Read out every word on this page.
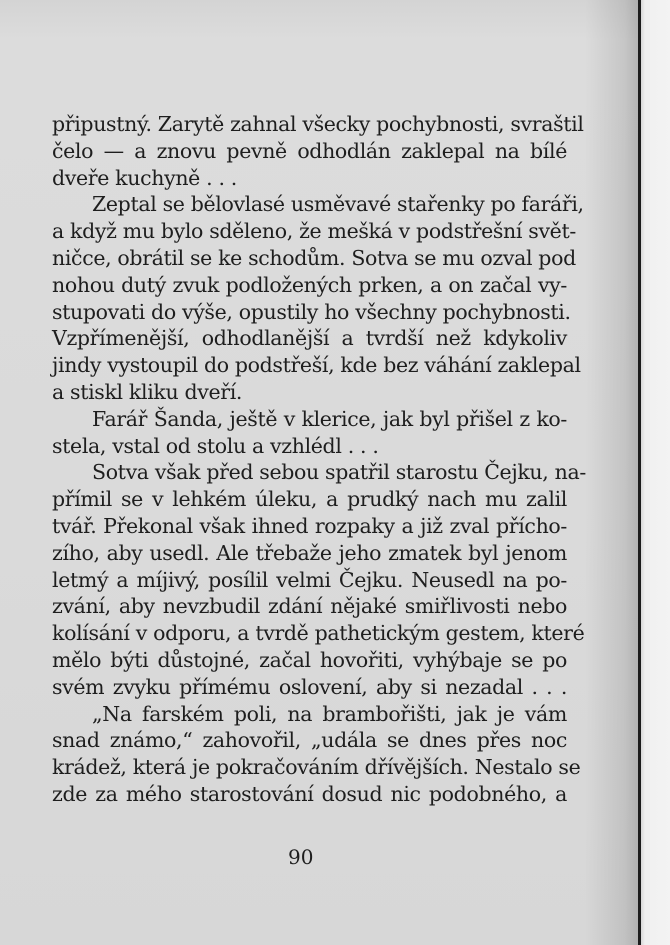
připustný. Zarytě zahnal všecky pochybnosti, svraštil
čelo — a znovu pevně odhodlán zaklepal na bílé
dveře kuchyně . . .
Zeptal se bělovlasé usměvavé stařenky po faráři,
a když mu bylo sděleno, že mešká v podstřešní svět-
ničce, obrátil se ke schodům. Sotva se mu ozval pod
nohou dutý zvuk podložených prken, a on začal vy-
stupovati do výše, opustily ho všechny pochybnosti.
Vzpřímenější, odhodlanější a tvrdší než kdykoliv
jindy vystoupil do podstřeší, kde bez váhání zaklepal
a stiskl kliku dveří.
Farář Šanda, ještě v klerice, jak byl přišel z ko-
stela, vstal od stolu a vzhlédl . . .
Sotva však před sebou spatřil starostu Čejku, na-
přímil se v lehkém úleku, a prudký nach mu zalil
tvář. Překonal však ihned rozpaky a již zval přícho-
zího, aby usedl. Ale třebaže jeho zmatek byl jenom
letmý a míjivý, posílil velmi Čejku. Neusedl na po-
zvání, aby nevzbudil zdání nějaké smiřlivosti nebo
kolísání v odporu, a tvrdě pathetickým gestem, které
mělo býti důstojné, začal hovořiti, vyhýbaje se po
svém zvyku přímému oslovení, aby si nezadal . . .
„Na farském poli, na brambořišti, jak je vám
snad známo,“ zahovořil, „udála se dnes přes noc
krádež, která je pokračováním dřívějších. Nestalo se
zde za mého starostování dosud nic podobného, a
90
